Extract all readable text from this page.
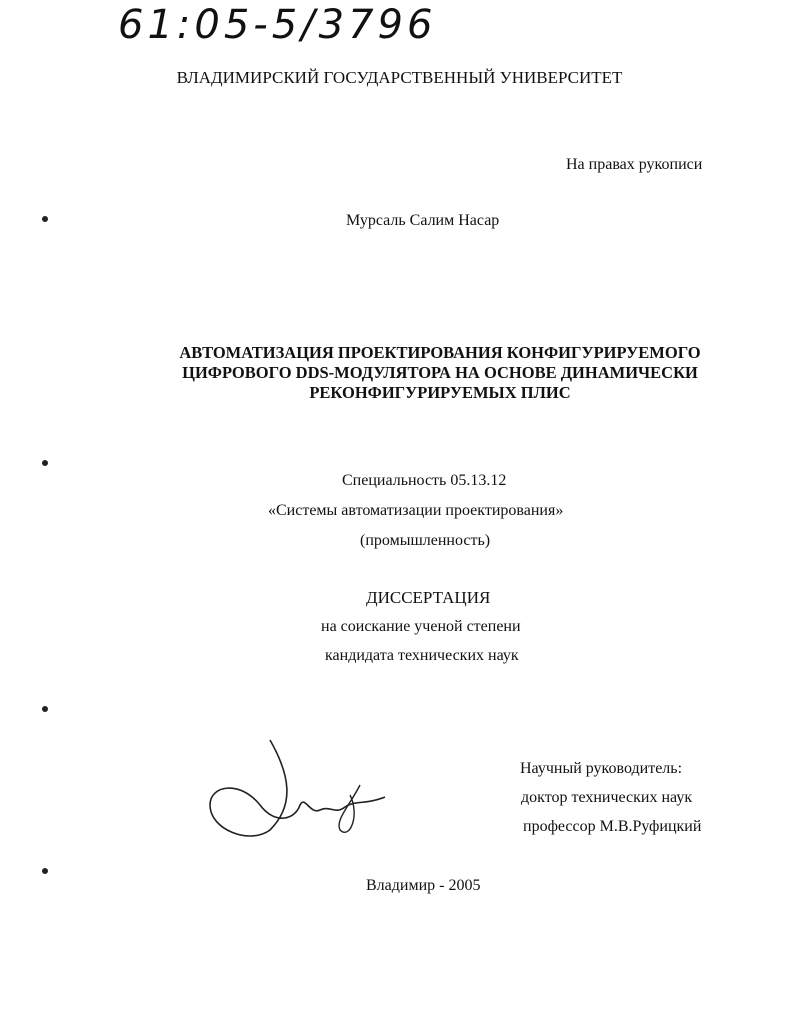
61:05-5/3796
ВЛАДИМИРСКИЙ ГОСУДАРСТВЕННЫЙ УНИВЕРСИТЕТ
На правах рукописи
Мурсаль Салим Насар
АВТОМАТИЗАЦИЯ ПРОЕКТИРОВАНИЯ КОНФИГУРИРУЕМОГО
ЦИФРОВОГО DDS-МОДУЛЯТОРА НА ОСНОВЕ ДИНАМИЧЕСКИ
РЕКОНФИГУРИРУЕМЫХ ПЛИС
Специальность 05.13.12
«Системы автоматизации проектирования»
(промышленность)
ДИССЕРТАЦИЯ
на соискание ученой степени
кандидата технических наук
Научный руководитель:
доктор технических наук
профессор М.В.Руфицкий
Владимир - 2005
